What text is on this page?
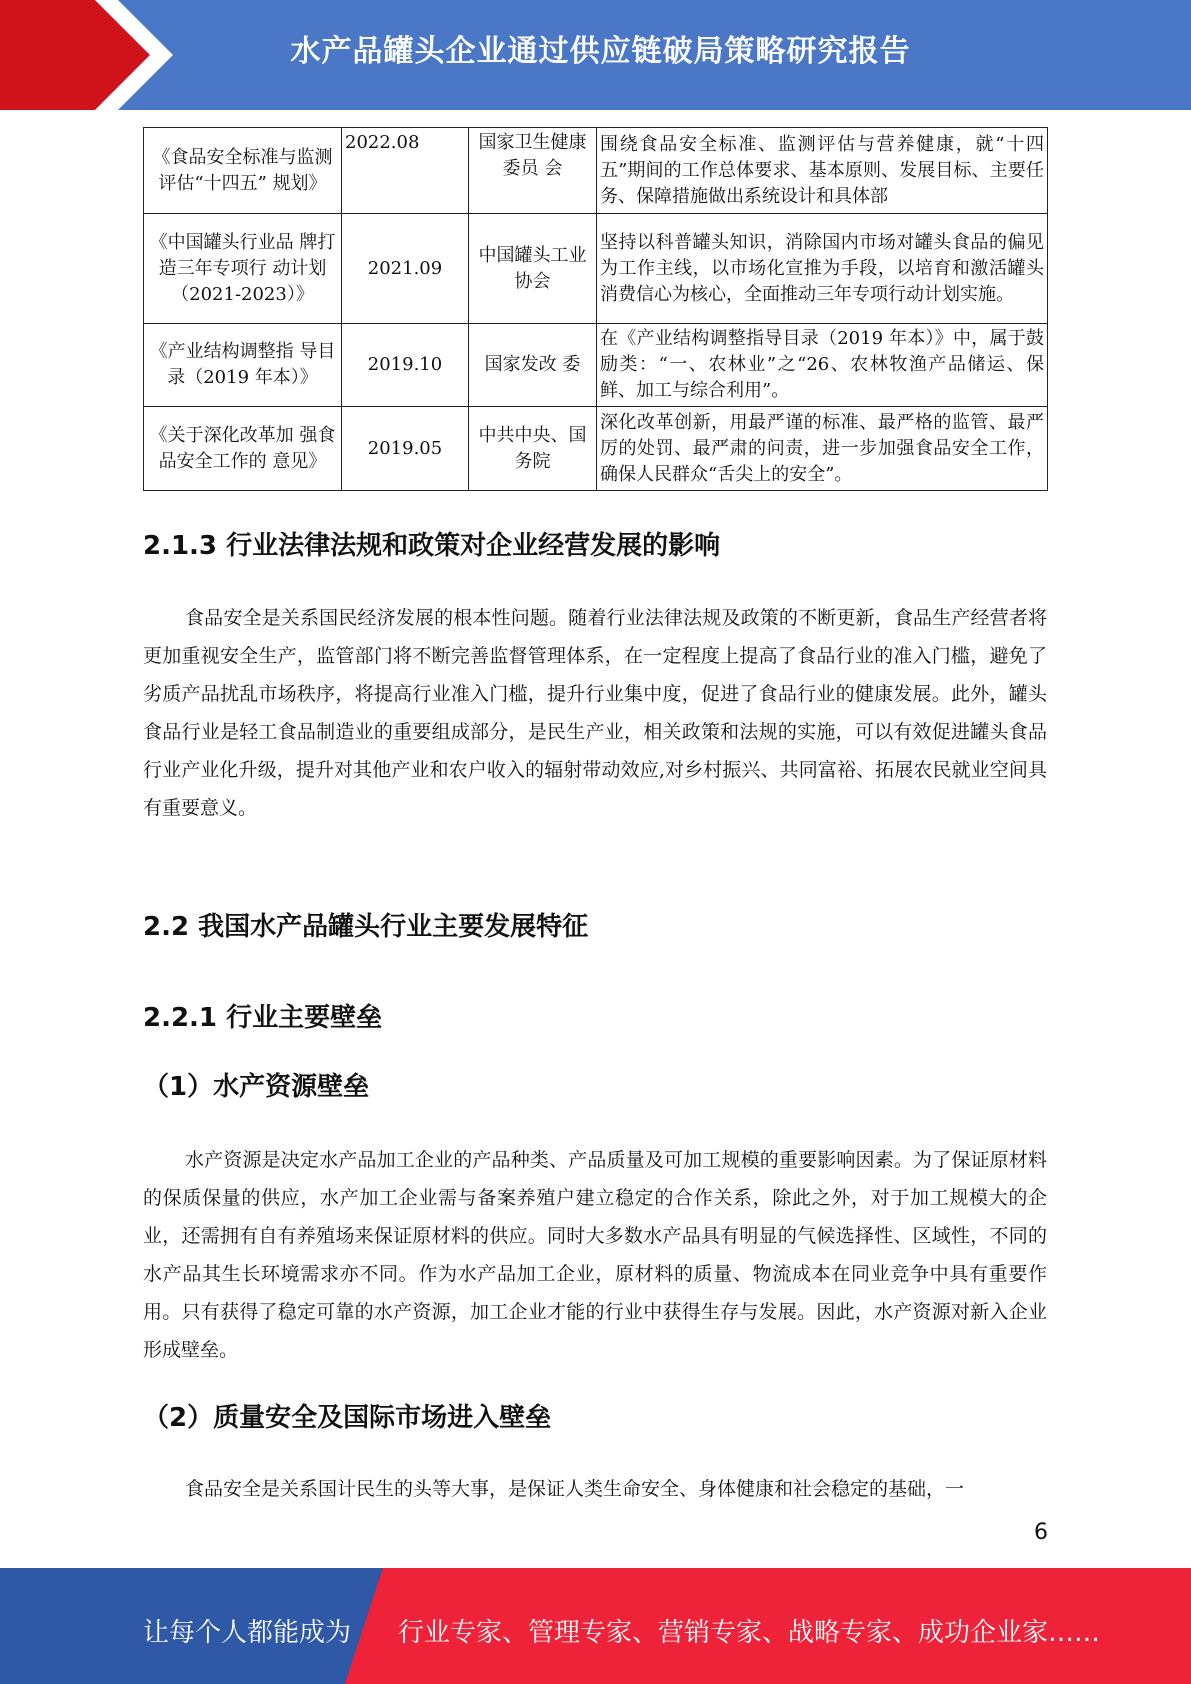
水产品罐头企业通过供应链破局策略研究报告
《食品安全标准与监测评估“十四五” 规划》	2022.08	国家卫生健康委员 会	围绕食品安全标准、监测评估与营养健康，就“十四五”期间的工作总体要求、基本原则、发展目标、主要任务、保障措施做出系统设计和具体部
《中国罐头行业品 牌打造三年专项行 动计划（2021-2023）》	2021.09	中国罐头工业协会	坚持以科普罐头知识，消除国内市场对罐头食品的偏见为工作主线，以市场化宣推为手段，以培育和激活罐头消费信心为核心，全面推动三年专项行动计划实施。
《产业结构调整指 导目录（2019 年本）》	2019.10	国家发改 委	在《产业结构调整指导目录（2019 年本）》中，属于鼓励类：“一、农林业”之“26、农林牧渔产品储运、保鲜、加工与综合利用”。
《关于深化改革加 强食品安全工作的 意见》	2019.05	中共中央、国务院	深化改革创新，用最严谨的标准、最严格的监管、最严厉的处罚、最严肃的问责，进一步加强食品安全工作，确保人民群众“舌尖上的安全”。
2.1.3 行业法律法规和政策对企业经营发展的影响

食品安全是关系国民经济发展的根本性问题。随着行业法律法规及政策的不断更新，食品生产经营者将更加重视安全生产，监管部门将不断完善监督管理体系，在一定程度上提高了食品行业的准入门槛，避免了劣质产品扰乱市场秩序，将提高行业准入门槛，提升行业集中度，促进了食品行业的健康发展。此外，罐头食品行业是轻工食品制造业的重要组成部分，是民生产业，相关政策和法规的实施，可以有效促进罐头食品行业产业化升级，提升对其他产业和农户收入的辐射带动效应,对乡村振兴、共同富裕、拓展农民就业空间具有重要意义。

2.2 我国水产品罐头行业主要发展特征
2.2.1 行业主要壁垒
（1）水产资源壁垒

水产资源是决定水产品加工企业的产品种类、产品质量及可加工规模的重要影响因素。为了保证原材料的保质保量的供应，水产加工企业需与备案养殖户建立稳定的合作关系，除此之外，对于加工规模大的企业，还需拥有自有养殖场来保证原材料的供应。同时大多数水产品具有明显的气候选择性、区域性，不同的水产品其生长环境需求亦不同。作为水产品加工企业，原材料的质量、物流成本在同业竞争中具有重要作用。只有获得了稳定可靠的水产资源，加工企业才能的行业中获得生存与发展。因此，水产资源对新入企业形成壁垒。

（2）质量安全及国际市场进入壁垒

食品安全是关系国计民生的头等大事，是保证人类生命安全、身体健康和社会稳定的基础，一

6
让每个人都能成为 行业专家、管理专家、营销专家、战略专家、成功企业家……
